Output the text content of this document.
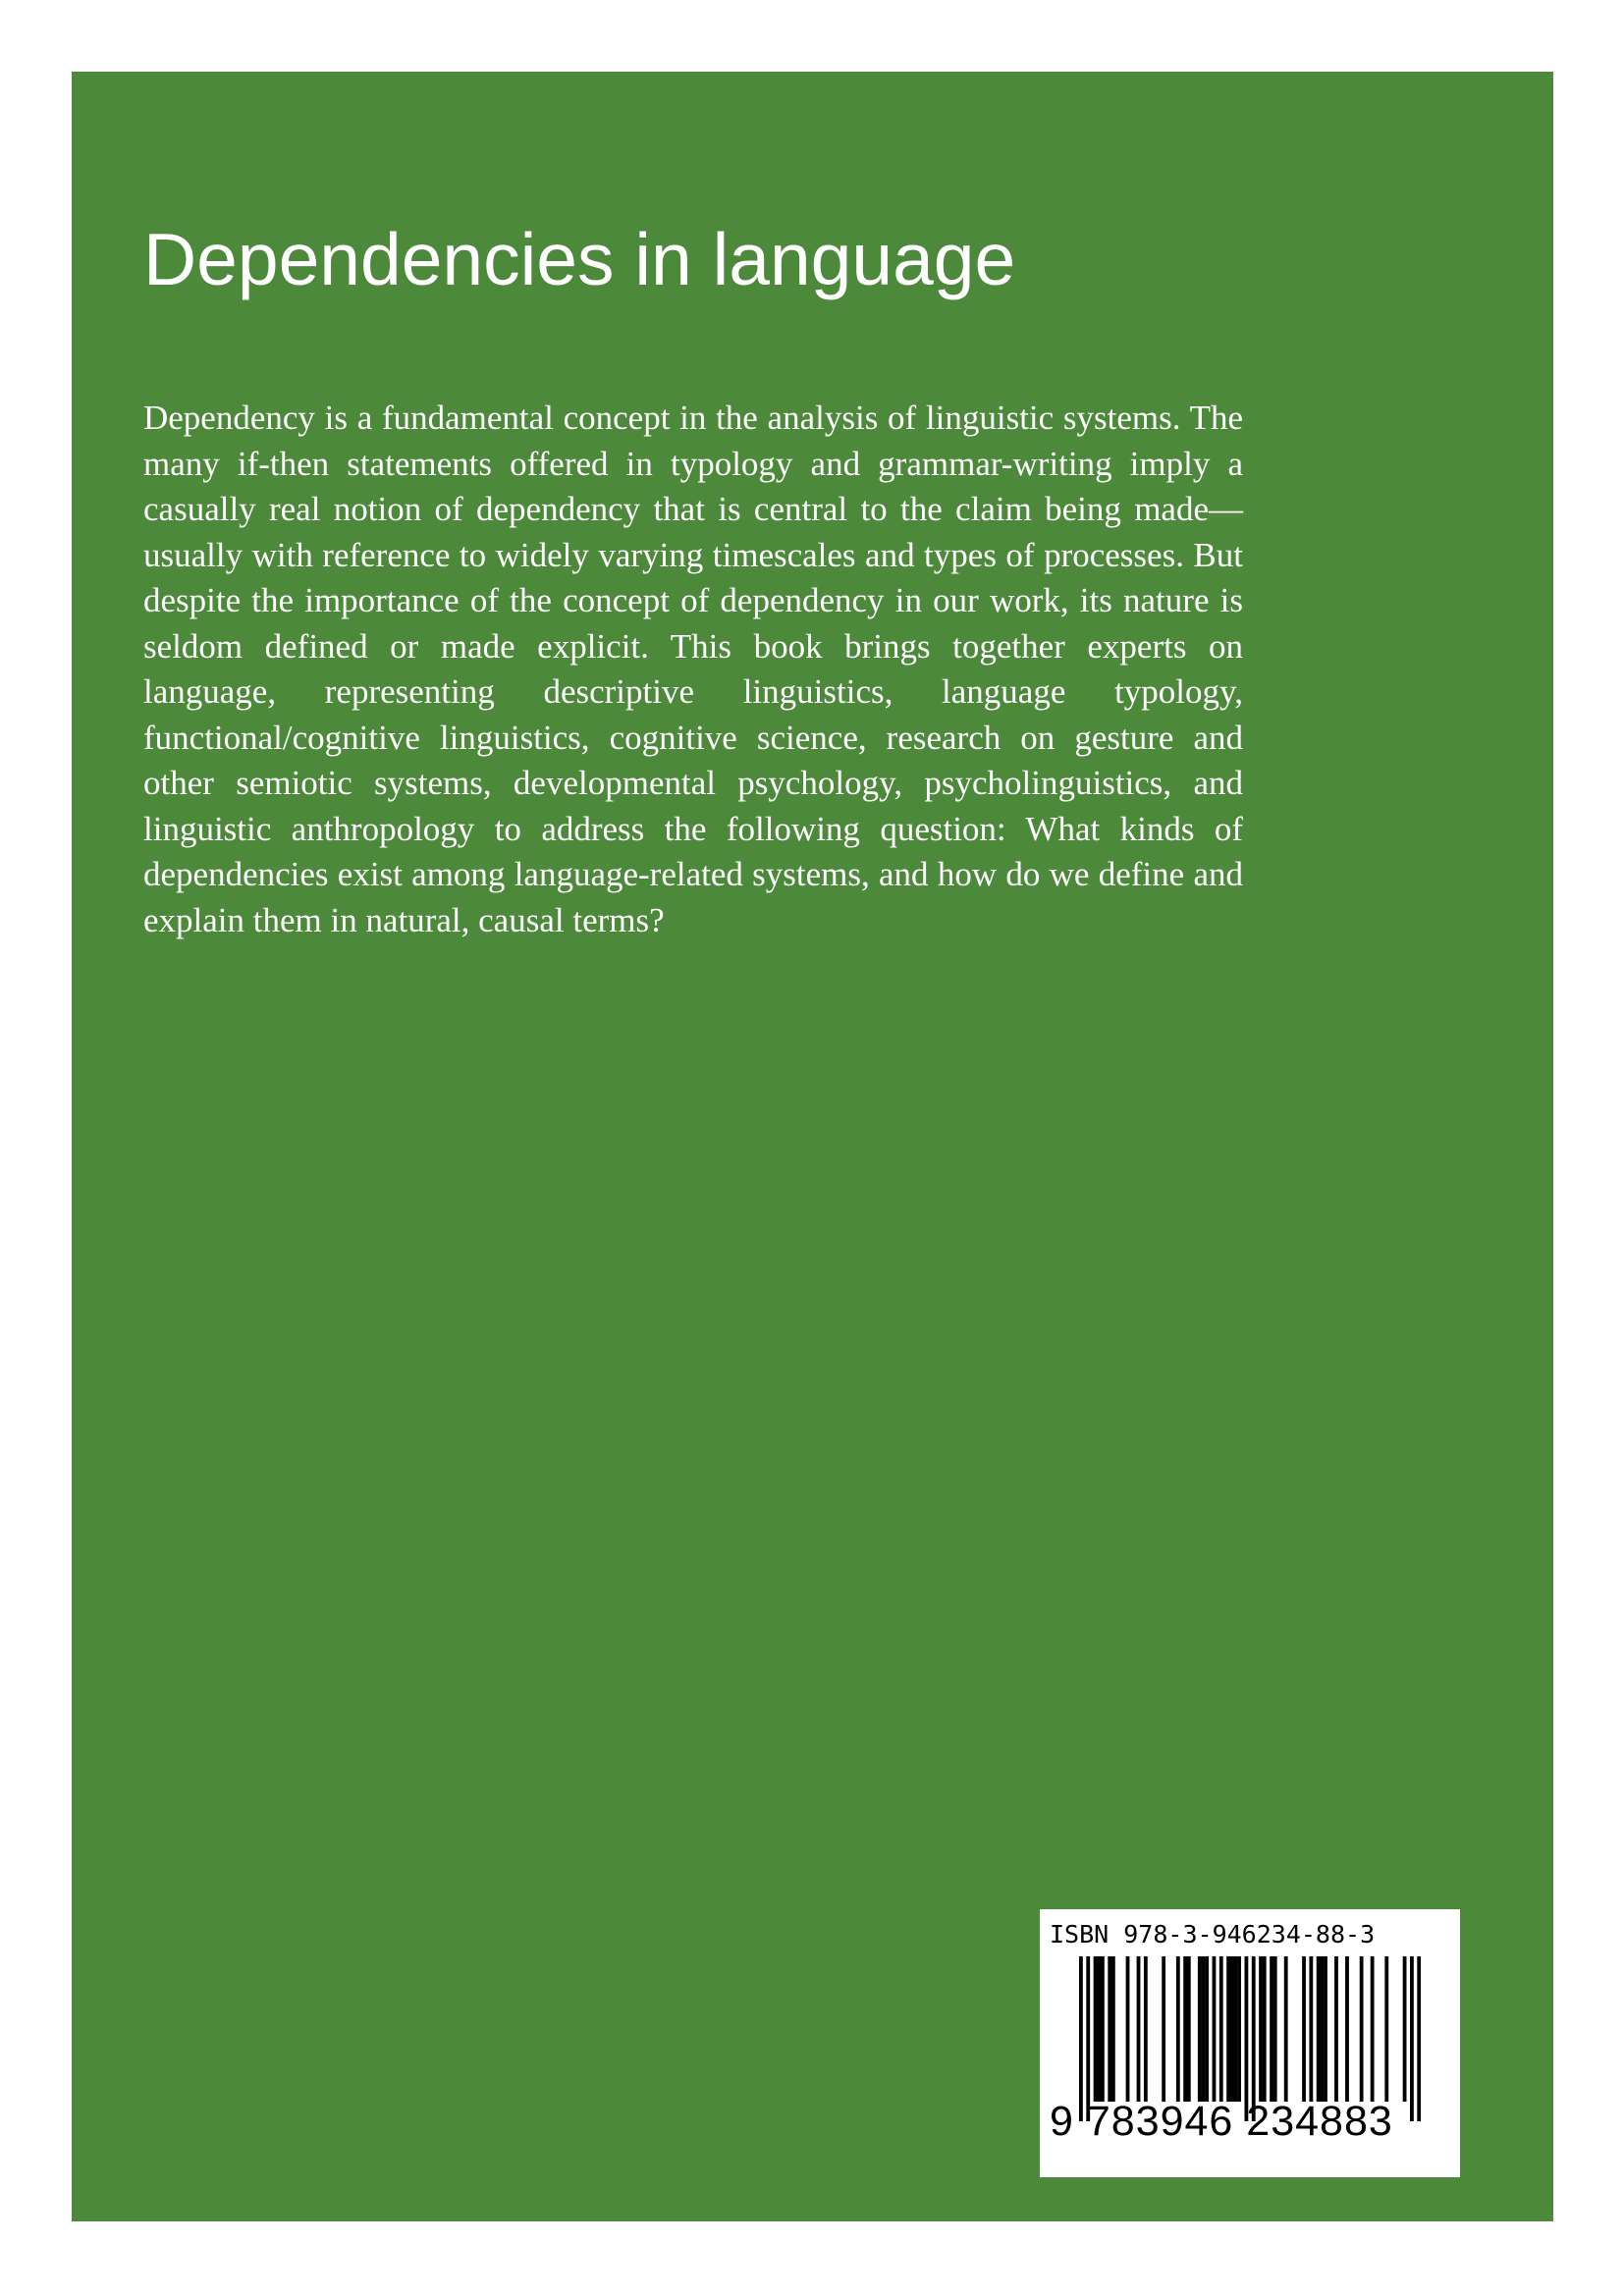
Dependencies in language

Dependency is a fundamental concept in the analysis of linguistic systems. The many if-then statements offered in typology and grammar-writing imply a casually real notion of dependency that is central to the claim being made—usually with reference to widely varying timescales and types of processes. But despite the importance of the concept of dependency in our work, its nature is seldom defined or made explicit. This book brings together experts on language, representing descriptive linguistics, language typology, functional/cognitive linguistics, cognitive science, research on gesture and other semiotic systems, developmental psychology, psycholinguistics, and linguistic anthropology to address the following question: What kinds of dependencies exist among language-related systems, and how do we define and explain them in natural, causal terms?

ISBN 978-3-946234-88-3

9 783946 234883
